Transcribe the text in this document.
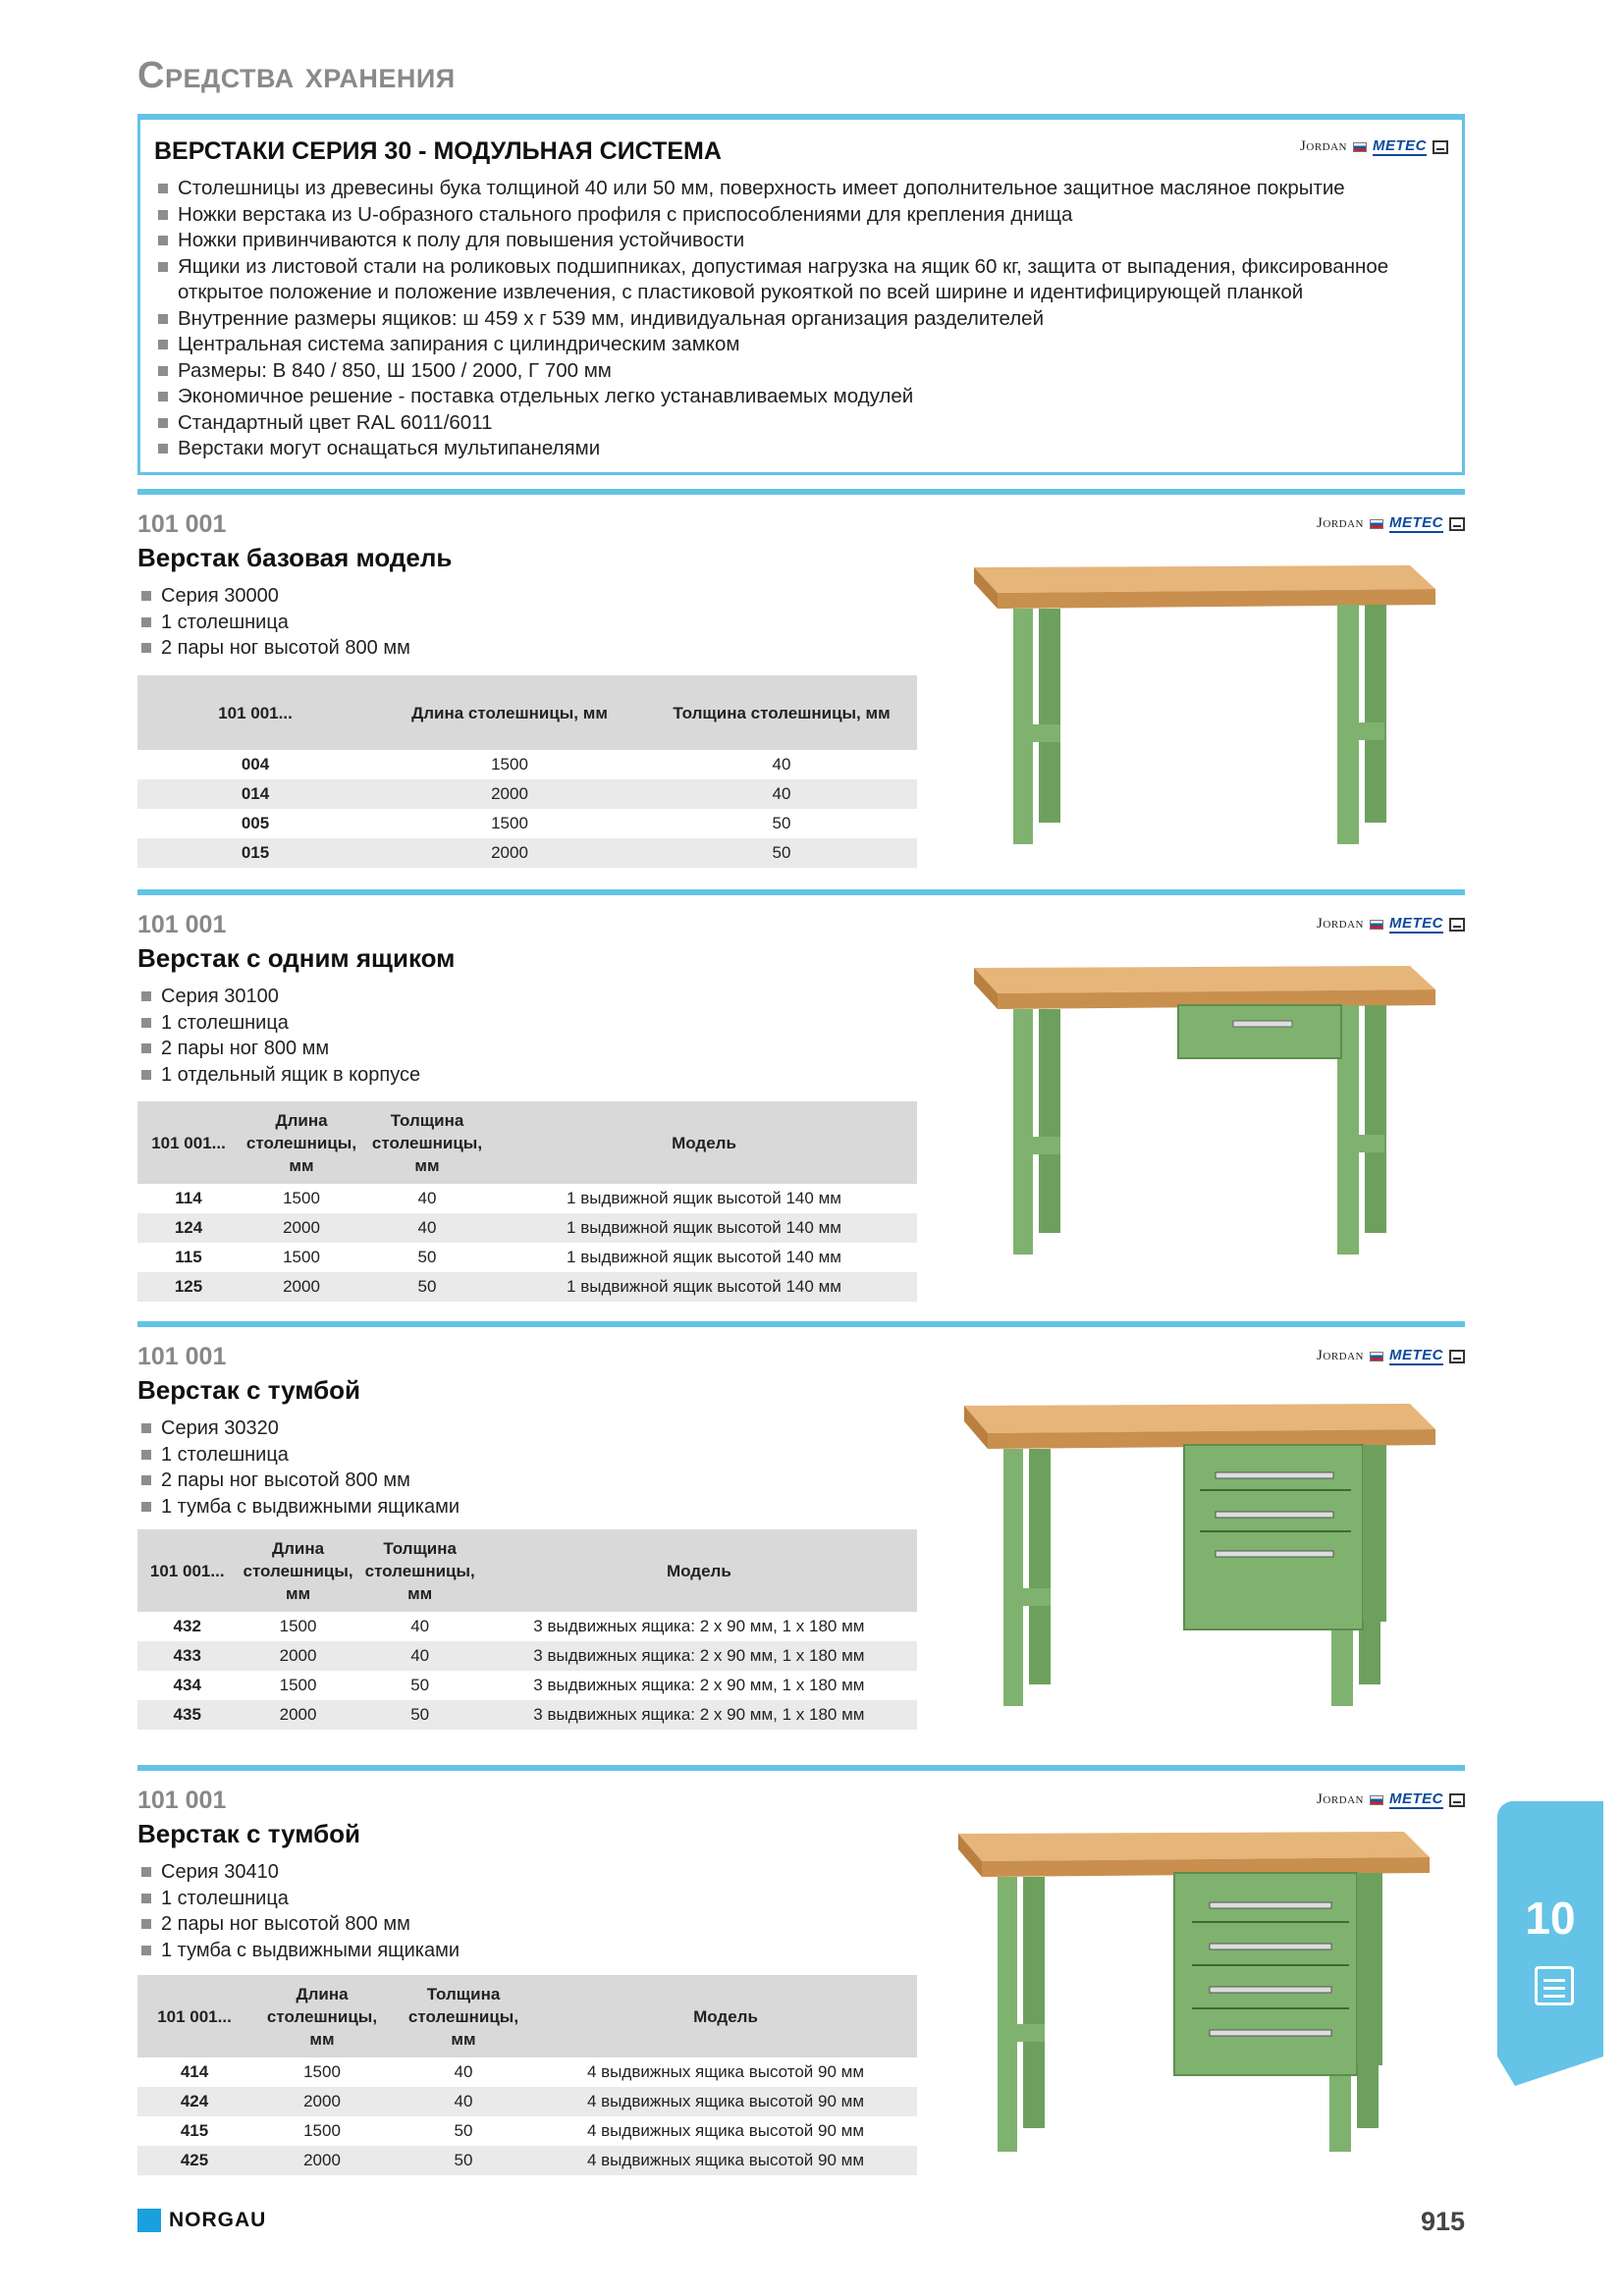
Средства хранения
ВЕРСТАКИ СЕРИЯ 30 - МОДУЛЬНАЯ СИСТЕМА
Столешницы из древесины бука толщиной 40 или 50 мм, поверхность имеет дополнительное защитное масляное покрытие
Ножки верстака из U-образного стального профиля с приспособлениями для крепления днища
Ножки привинчиваются к полу для повышения устойчивости
Ящики из листовой стали на роликовых подшипниках, допустимая нагрузка на ящик 60 кг, защита от выпадения, фиксированное открытое положение и положение извлечения, с пластиковой рукояткой по всей ширине и идентифицирующей планкой
Внутренние размеры ящиков: ш 459 x г 539 мм, индивидуальная организация разделителей
Центральная система запирания с цилиндрическим замком
Размеры: В 840 / 850, Ш 1500 / 2000, Г 700 мм
Экономичное решение - поставка отдельных легко устанавливаемых модулей
Стандартный цвет RAL 6011/6011
Верстаки могут оснащаться мультипанелями
Jordan METEC
101 001
Верстак базовая модель
Серия 30000
1 столешница
2 пары ног высотой 800 мм
Jordan METEC
101 001...	Длина столешницы, мм	Толщина столешницы, мм
004	1500	40
014	2000	40
005	1500	50
015	2000	50
101 001
Верстак с одним ящиком
Серия 30100
1 столешница
2 пары ног 800 мм
1 отдельный ящик в корпусе
Jordan METEC
101 001...	Длина столешницы, мм	Толщина столешницы, мм	Модель
114	1500	40	1 выдвижной ящик высотой 140 мм
124	2000	40	1 выдвижной ящик высотой 140 мм
115	1500	50	1 выдвижной ящик высотой 140 мм
125	2000	50	1 выдвижной ящик высотой 140 мм
101 001
Верстак с тумбой
Серия 30320
1 столешница
2 пары ног высотой 800 мм
1 тумба с выдвижными ящиками
Jordan METEC
101 001...	Длина столешницы, мм	Толщина столешницы, мм	Модель
432	1500	40	3 выдвижных ящика: 2 х 90 мм, 1 х 180 мм
433	2000	40	3 выдвижных ящика: 2 х 90 мм, 1 х 180 мм
434	1500	50	3 выдвижных ящика: 2 х 90 мм, 1 х 180 мм
435	2000	50	3 выдвижных ящика: 2 х 90 мм, 1 х 180 мм
101 001
Верстак с тумбой
Серия 30410
1 столешница
2 пары ног высотой 800 мм
1 тумба с выдвижными ящиками
Jordan METEC
101 001...	Длина столешницы, мм	Толщина столешницы, мм	Модель
414	1500	40	4 выдвижных ящика высотой 90 мм
424	2000	40	4 выдвижных ящика высотой 90 мм
415	1500	50	4 выдвижных ящика высотой 90 мм
425	2000	50	4 выдвижных ящика высотой 90 мм
10
NORGAU	915
